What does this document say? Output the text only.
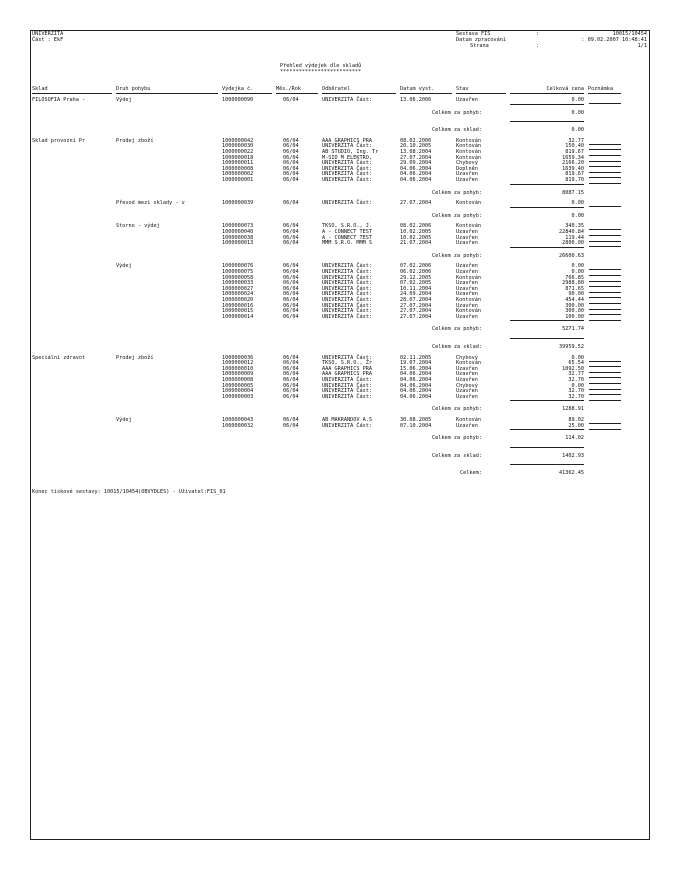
UNIVERZITA
Část : EkF
Sestava FIS	:	10015/10454
Datum zpracování	: 09.02.2007 10:48:41
Strana	:	1/1
Přehled výdejek dle skladů
**************************
Sklad	Druh pohybu	Výdejka č.	Měs./Rok	Odběratel	Datum vyst.	Stav	Celková cena Poznámka
FILOSOFIA Praha -	Výdej	1000000090	06/04	UNIVERZITA Část:	13.06.2006	Uzavřen	0.00
Celkem za pohyb:	0.00
Celkem za sklad:	0.00
Sklad provozní Pr	Prodej zboží	1000000042	06/04	AAA GRAPHICS PRA	08.02.2006	Kontován	32.77
1000000030	06/04	UNIVERZITA Část:	20.10.2005	Kontován	150.40
1000000022	06/04	AB STUDIO, Ing. Tr	13.08.2004	Kontován	819.67
1000000018	06/04	M-SID M ELEKTRO,	27.07.2004	Kontován	1659.34
1000000011	06/04	UNIVERZITA Část:	29.09.2004	Chybový	2166.20
1000000008	06/04	UNIVERZITA Část:	04.06.2004	Doplněn	1639.40
1000000002	06/04	UNIVERZITA Část:	04.06.2004	Uzavřen	819.67
1000000001	06/04	UNIVERZITA Část:	04.06.2004	Uzavřen	819.70
Celkem za pohyb:	8087.15
Převod mezi sklady - v	1000000039	06/04	UNIVERZITA Část:	27.07.2004	Kontován	0.00
Celkem za pohyb:	0.00
Storno - výdej	1000000073	06/04	TKSO, S.R.O., J.	08.02.2006	Kontován	340.35
1000000040	06/04	A - CONNECT TEST	10.02.2005	Uzavřen	22840.84
1000000038	06/04	A - CONNECT TEST	10.02.2005	Uzavřen	119.44
1000000013	06/04	MMM S.R.O. MMM S	21.07.2004	Uzavřen	2800.00
Celkem za pohyb:	26600.63
Výdej	1000000076	06/04	UNIVERZITA Část:	07.02.2006	Uzavřen	0.00
1000000075	06/04	UNIVERZITA Část:	06.02.2006	Uzavřen	0.00
1000000058	06/04	UNIVERZITA Část:	29.12.2005	Kontován	766.85
1000000033	06/04	UNIVERZITA Část:	07.02.2005	Uzavřen	2988.80
1000000027	06/04	UNIVERZITA Část:	10.11.2004	Uzavřen	871.65
1000000024	06/04	UNIVERZITA Část:	24.09.2004	Uzavřen	90.00
1000000020	06/04	UNIVERZITA Část:	28.07.2004	Kontován	454.44
1000000016	06/04	UNIVERZITA Část:	27.07.2004	Uzavřen	300.00
1000000015	06/04	UNIVERZITA Část:	27.07.2004	Kontován	300.00
1000000014	06/04	UNIVERZITA Část:	27.07.2004	Uzavřen	100.00
Celkem za pohyb:	5271.74
Celkem za sklad:	39959.52
Speciální zdravot	Prodej zboží	1000000036	06/04	UNIVERZITA Část:	02.11.2005	Chybový	0.00
1000000012	06/04	TKSO, S.R.O., Žr	19.07.2004	Kontován	65.54
1000000010	06/04	AAA GRAPHICS PRA	15.06.2004	Uzavřen	1092.50
1000000009	06/04	AAA GRAPHICS PRA	04.06.2004	Uzavřen	32.77
1000000008	06/04	UNIVERZITA Část:	04.06.2004	Uzavřen	32.70
1000000005	06/04	UNIVERZITA Část:	04.06.2004	Chybový	0.00
1000000004	06/04	UNIVERZITA Část:	04.06.2004	Uzavřen	32.70
1000000003	06/04	UNIVERZITA Část:	04.06.2004	Uzavřen	32.70
Celkem za pohyb:	1288.91
Výdej	1000000043	06/04	AB MAKRANDOV A.S	30.08.2005	Kontován	89.02
1000000032	06/04	UNIVERZITA Část:	07.10.2004	Uzavřen	25.00
Celkem za pohyb:	114.02
Celkem za sklad:	1402.93
Celkem:	41362.45
Konec tiskové sestavy: 10015/10454(OBVYDLES) - Uživatel:FIS_01
